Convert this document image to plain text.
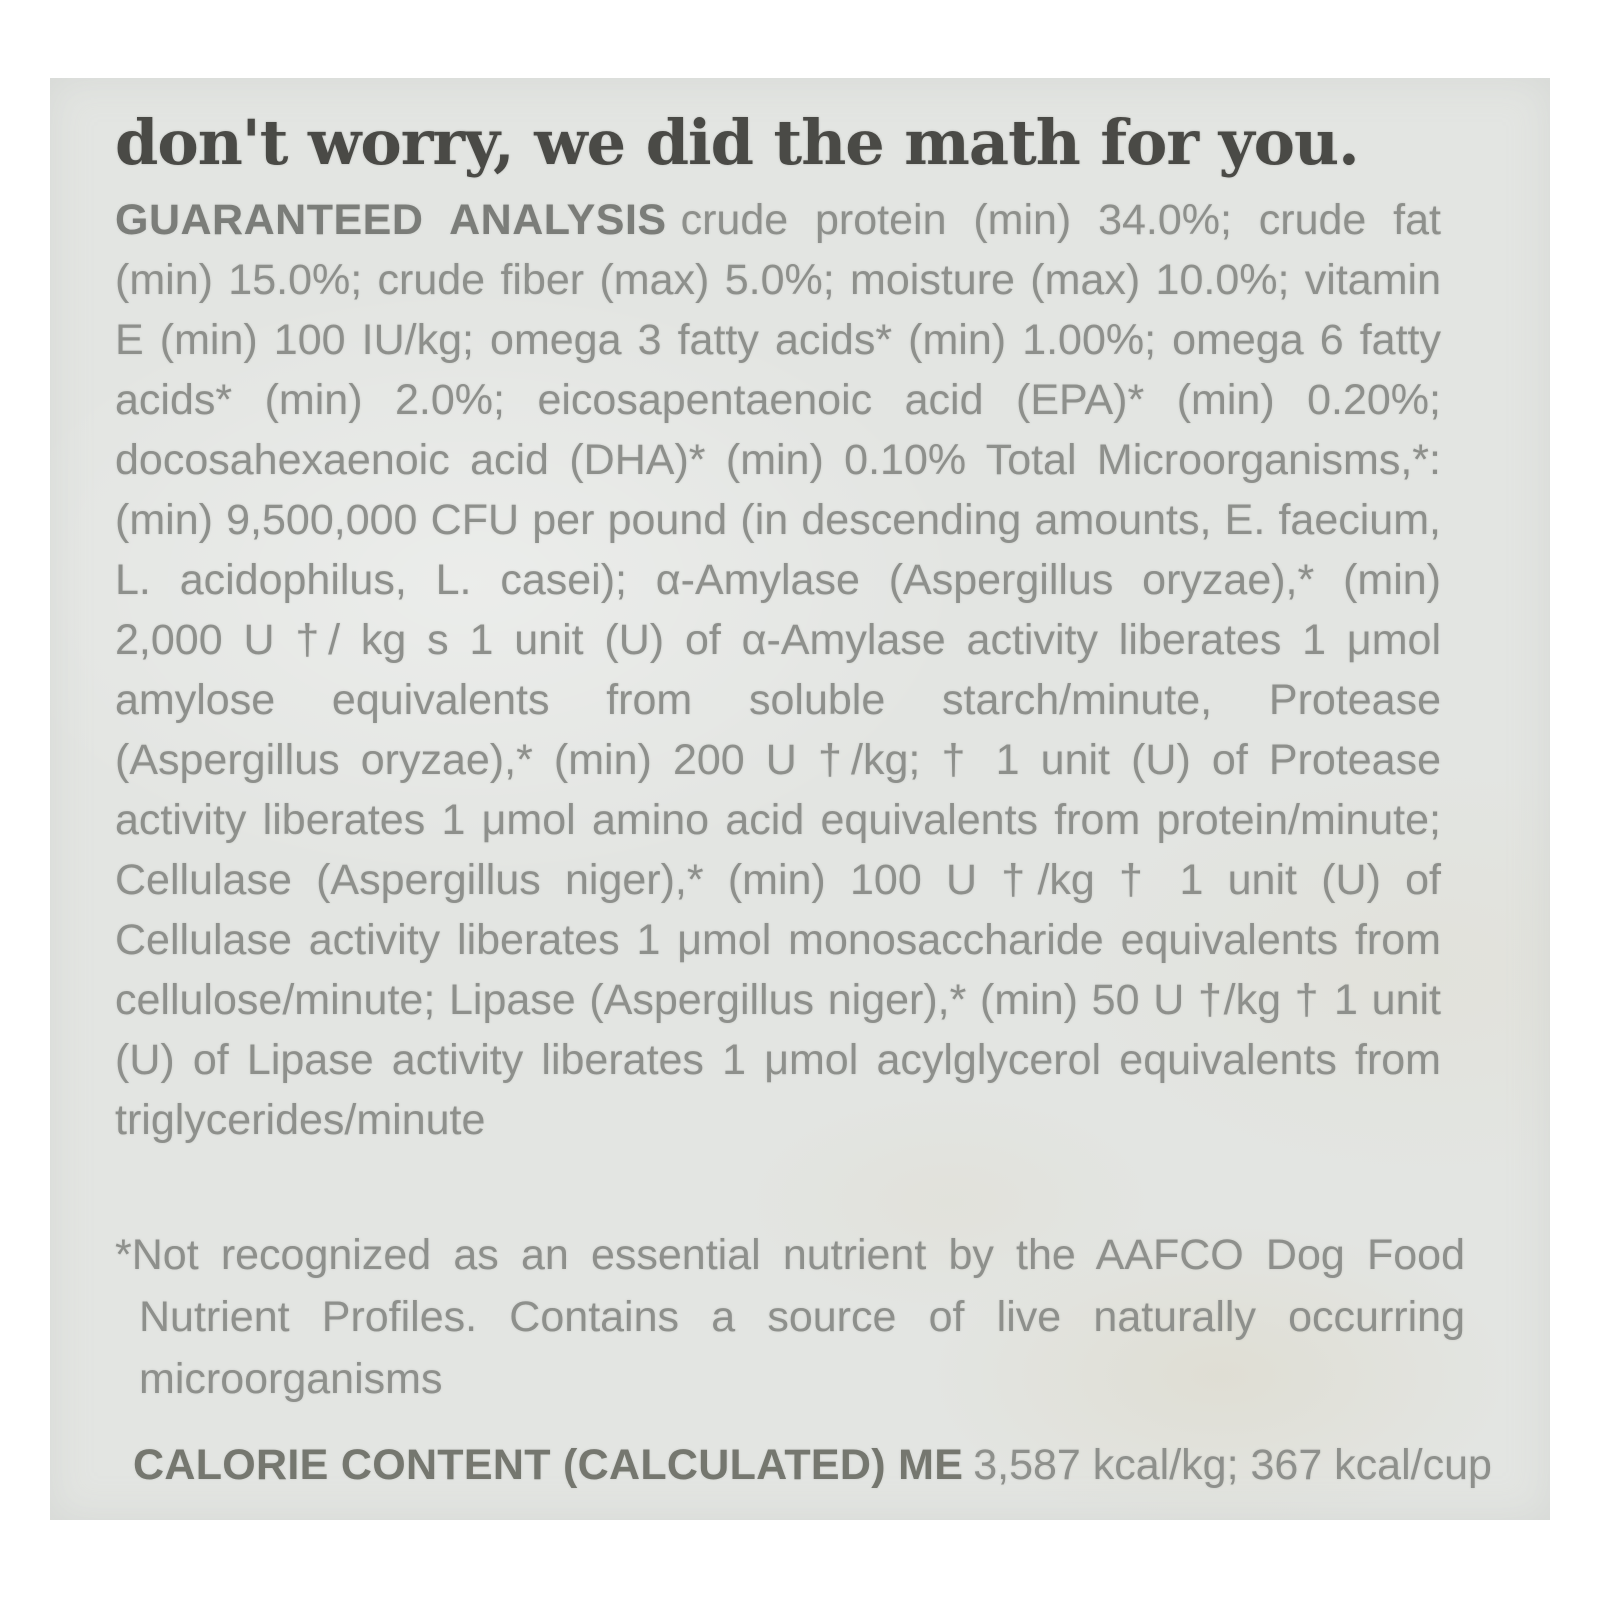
don't worry, we did the math for you.

GUARANTEED ANALYSIS crude protein (min) 34.0%; crude fat (min) 15.0%; crude fiber (max) 5.0%; moisture (max) 10.0%; vitamin E (min) 100 IU/kg; omega 3 fatty acids* (min) 1.00%; omega 6 fatty acids* (min) 2.0%; eicosapentaenoic acid (EPA)* (min) 0.20%; docosahexaenoic acid (DHA)* (min) 0.10% Total Microorganisms,*: (min) 9,500,000 CFU per pound (in descending amounts, E. faecium, L. acidophilus, L. casei); α-Amylase (Aspergillus oryzae),* (min) 2,000 U †/ kg s 1 unit (U) of α-Amylase activity liberates 1 μmol amylose equivalents from soluble starch/minute, Protease (Aspergillus oryzae),* (min) 200 U †/kg; † 1 unit (U) of Protease activity liberates 1 μmol amino acid equivalents from protein/minute; Cellulase (Aspergillus niger),* (min) 100 U †/kg † 1 unit (U) of Cellulase activity liberates 1 μmol monosaccharide equivalents from cellulose/minute; Lipase (Aspergillus niger),* (min) 50 U †/kg † 1 unit (U) of Lipase activity liberates 1 μmol acylglycerol equivalents from triglycerides/minute

*Not recognized as an essential nutrient by the AAFCO Dog Food Nutrient Profiles. Contains a source of live naturally occurring microorganisms

CALORIE CONTENT (CALCULATED) ME 3,587 kcal/kg; 367 kcal/cup
